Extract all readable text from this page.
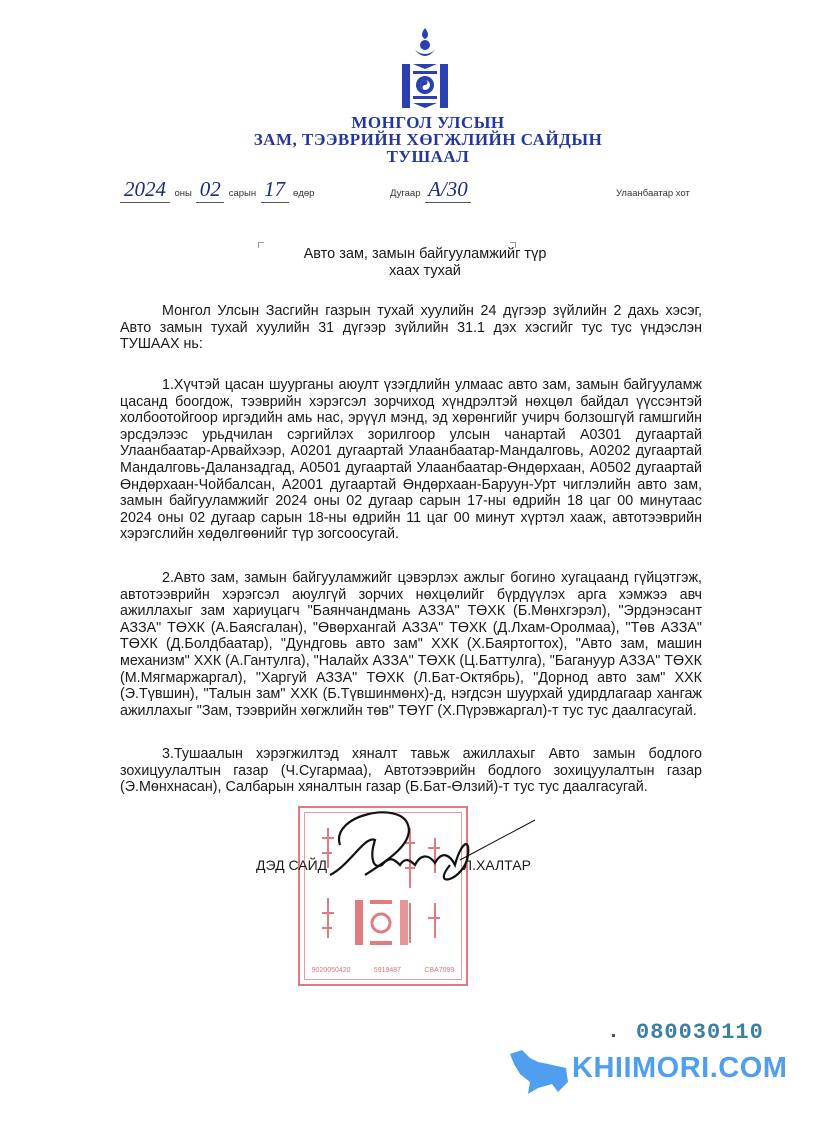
МОНГОЛ УЛСЫН
ЗАМ, ТЭЭВРИЙН ХӨГЖЛИЙН САЙДЫН
ТУШААЛ
2024 оны 02 сарын 17 өдөр	Дугаар А/30	Улаанбаатар хот
Авто зам, замын байгууламжийг түр
хаах тухай
Монгол Улсын Засгийн газрын тухай хуулийн 24 дүгээр зүйлийн 2 дахь хэсэг, Авто замын тухай хуулийн 31 дүгээр зүйлийн 31.1 дэх хэсгийг тус тус үндэслэн ТУШААХ нь:
1.Хүчтэй цасан шуурганы аюулт үзэгдлийн улмаас авто зам, замын байгууламж цасанд боогдож, тээврийн хэрэгсэл зорчиход хүндрэлтэй нөхцөл байдал үүссэнтэй холбоотойгоор иргэдийн амь нас, эрүүл мэнд, эд хөрөнгийг учирч болзошгүй гамшгийн эрсдэлээс урьдчилан сэргийлэх зорилгоор улсын чанартай А0301 дугаартай Улаанбаатар-Арвайхээр, А0201 дугаартай Улаанбаатар-Мандалговь, А0202 дугаартай Мандалговь-Даланзадгад, А0501 дугаартай Улаанбаатар-Өндөрхаан, А0502 дугаартай Өндөрхаан-Чойбалсан, А2001 дугаартай Өндөрхаан-Баруун-Урт чиглэлийн авто зам, замын байгууламжийг 2024 оны 02 дугаар сарын 17-ны өдрийн 18 цаг 00 минутаас 2024 оны 02 дугаар сарын 18-ны өдрийн 11 цаг 00 минут хүртэл хааж, автотээврийн хэрэгслийн хөдөлгөөнийг түр зогсоосугай.
2.Авто зам, замын байгууламжийг цэвэрлэх ажлыг богино хугацаанд гүйцэтгэж, автотээврийн хэрэгсэл аюулгүй зорчих нөхцөлийг бүрдүүлэх арга хэмжээ авч ажиллахыг зам хариуцагч "Баянчандмань АЗЗА" ТӨХК (Б.Мөнхгэрэл), "Эрдэнэсант АЗЗА" ТӨХК (А.Баясгалан), "Өвөрхангай АЗЗА" ТӨХК (Д.Лхам-Оролмаа), "Төв АЗЗА" ТӨХК (Д.Болдбаатар), "Дундговь авто зам" ХХК (Х.Баяртогтох), "Авто зам, машин механизм" ХХК (А.Гантулга), "Налайх АЗЗА" ТӨХК (Ц.Баттулга), "Багануур АЗЗА" ТӨХК (М.Мягмаржаргал), "Харгуй АЗЗА" ТӨХК (Л.Бат-Октябрь), "Дорнод авто зам" ХХК (Э.Түвшин), "Талын зам" ХХК (Б.Түвшинмөнх)-д, нэгдсэн шуурхай удирдлагаар хангаж ажиллахыг "Зам, тээврийн хөгжлийн төв" ТӨҮГ (Х.Пүрэвжаргал)-т тус тус даалгасугай.
3.Тушаалын хэрэгжилтэд хяналт тавьж ажиллахыг Авто замын бодлого зохицуулалтын газар (Ч.Сугармаа), Автотээврийн бодлого зохицуулалтын газар (Э.Мөнхнасан), Салбарын хяналтын газар (Б.Бат-Өлзий)-т тус тус даалгасугай.
9020050420	5919487	CBA7099
ДЭД САЙД	Л.ХАЛТАР
080030110
KHIIMORI.COM
